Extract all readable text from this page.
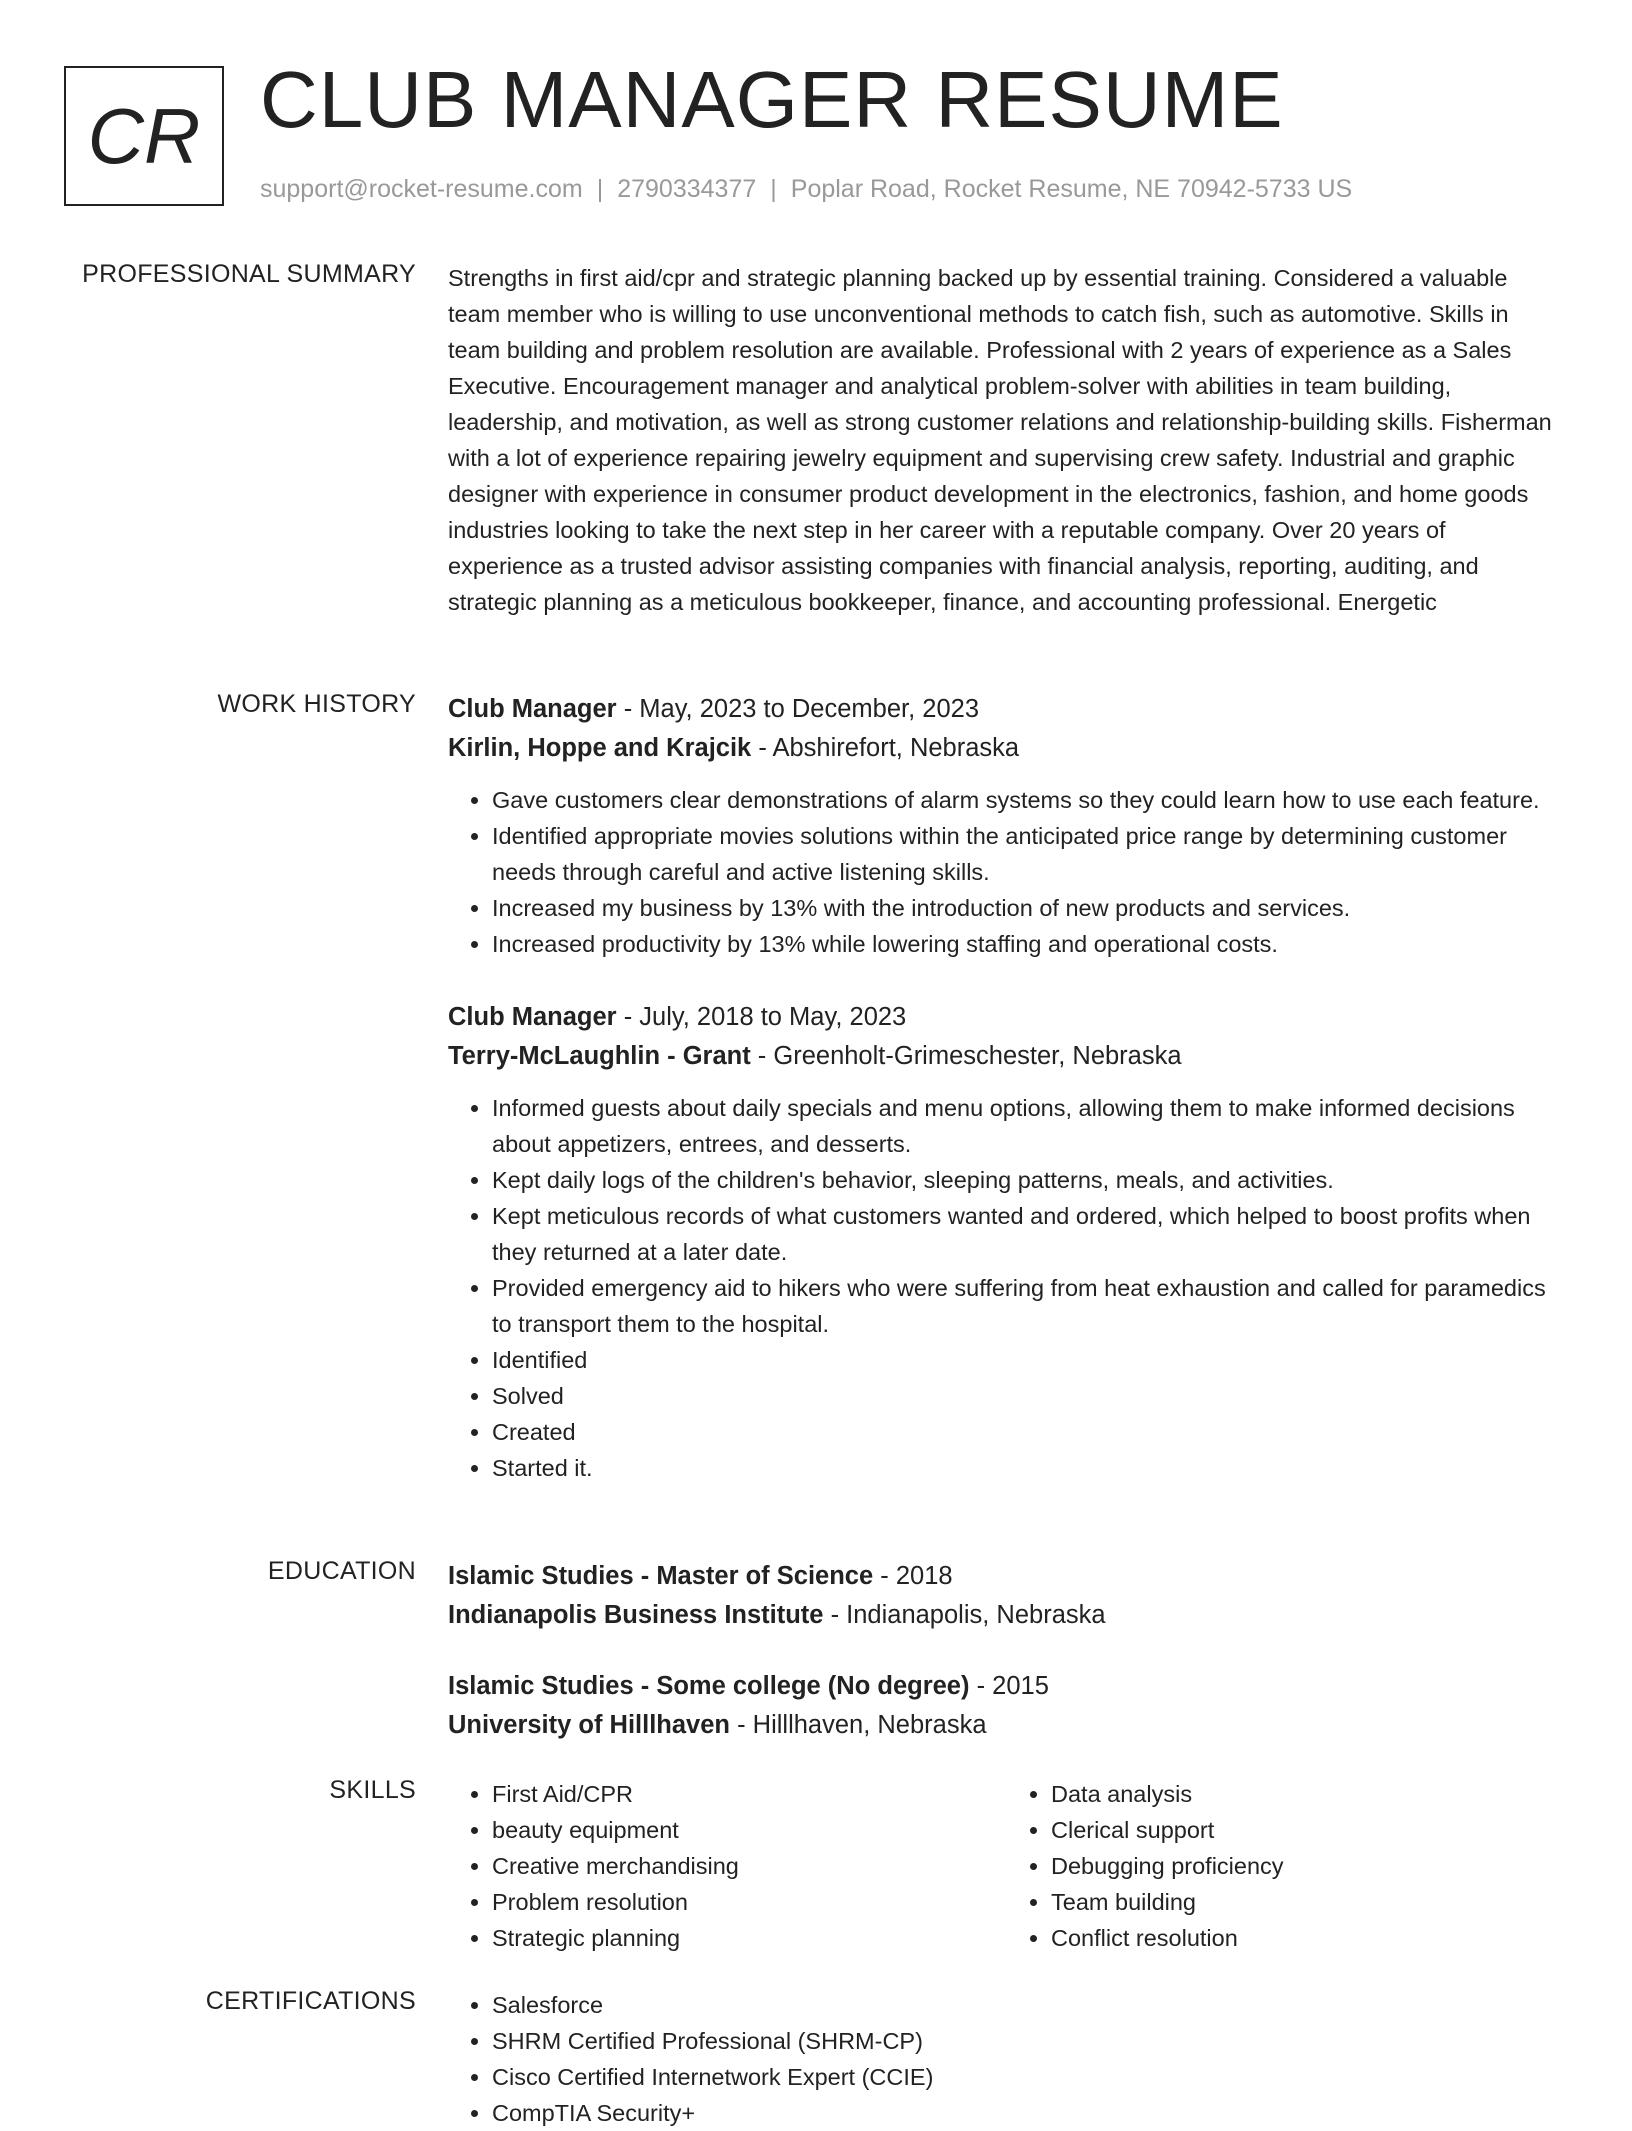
CR CLUB MANAGER RESUME
support@rocket-resume.com | 2790334377 | Poplar Road, Rocket Resume, NE 70942-5733 US
PROFESSIONAL SUMMARY Strengths in first aid/cpr and strategic planning backed up by essential training. Considered a valuable team member who is willing to use unconventional methods to catch fish, such as automotive. Skills in team building and problem resolution are available. Professional with 2 years of experience as a Sales Executive. Encouragement manager and analytical problem-solver with abilities in team building, leadership, and motivation, as well as strong customer relations and relationship-building skills. Fisherman with a lot of experience repairing jewelry equipment and supervising crew safety. Industrial and graphic designer with experience in consumer product development in the electronics, fashion, and home goods industries looking to take the next step in her career with a reputable company. Over 20 years of experience as a trusted advisor assisting companies with financial analysis, reporting, auditing, and strategic planning as a meticulous bookkeeper, finance, and accounting professional. Energetic

WORK HISTORY Club Manager - May, 2023 to December, 2023
Kirlin, Hoppe and Krajcik - Abshirefort, Nebraska
• Gave customers clear demonstrations of alarm systems so they could learn how to use each feature.
• Identified appropriate movies solutions within the anticipated price range by determining customer needs through careful and active listening skills.
• Increased my business by 13% with the introduction of new products and services.
• Increased productivity by 13% while lowering staffing and operational costs.
Club Manager - July, 2018 to May, 2023
Terry-McLaughlin - Grant - Greenholt-Grimeschester, Nebraska
• Informed guests about daily specials and menu options, allowing them to make informed decisions about appetizers, entrees, and desserts.
• Kept daily logs of the children's behavior, sleeping patterns, meals, and activities.
• Kept meticulous records of what customers wanted and ordered, which helped to boost profits when they returned at a later date.
• Provided emergency aid to hikers who were suffering from heat exhaustion and called for paramedics to transport them to the hospital.
• Identified
• Solved
• Created
• Started it.
EDUCATION Islamic Studies - Master of Science - 2018
Indianapolis Business Institute - Indianapolis, Nebraska
Islamic Studies - Some college (No degree) - 2015
University of Hilllhaven - Hilllhaven, Nebraska
SKILLS	• First Aid/CPR
• beauty equipment
• Creative merchandising
• Problem resolution
• Strategic planning
• Data analysis
• Clerical support
• Debugging proficiency
• Team building
• Conflict resolution
CERTIFICATIONS	• Salesforce
• SHRM Certified Professional (SHRM-CP)
• Cisco Certified Internetwork Expert (CCIE)
• CompTIA Security+
